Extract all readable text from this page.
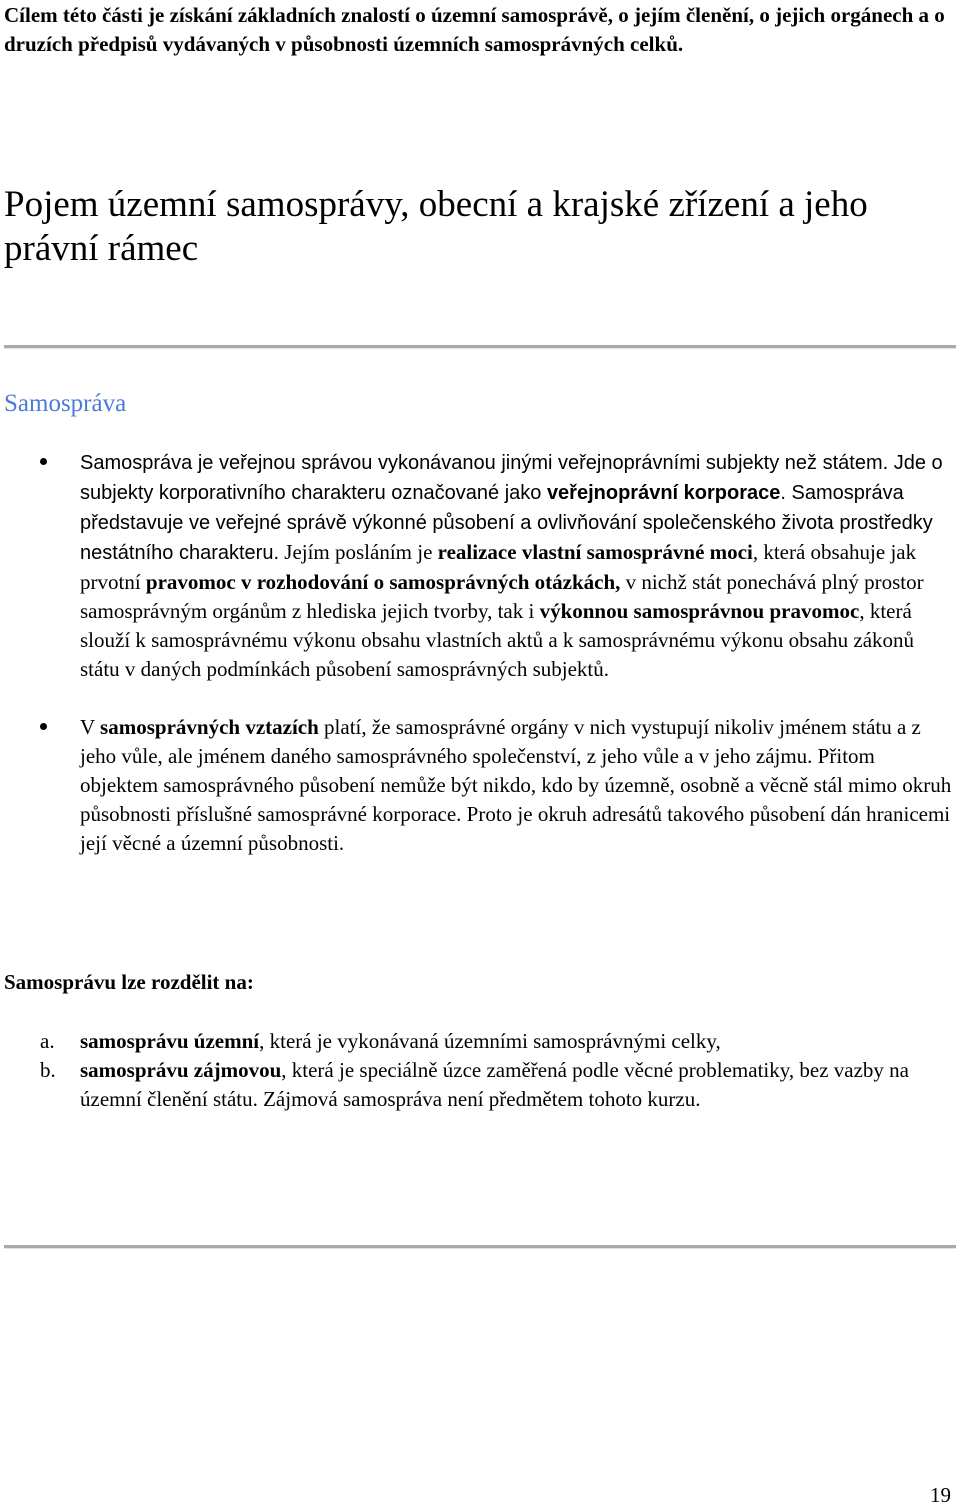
Cílem této části je získání základních znalostí o územní samosprávě, o jejím členění, o jejich orgánech a o druzích předpisů vydávaných v působnosti územních samosprávných celků.
Pojem územní samosprávy, obecní a krajské zřízení a jeho právní rámec
Samospráva
Samospráva je veřejnou správou vykonávanou jinými veřejnoprávními subjekty než státem. Jde o subjekty korporativního charakteru označované jako veřejnoprávní korporace. Samospráva představuje ve veřejné správě výkonné působení a ovlivňování společenského života prostředky nestátního charakteru. Jejím posláním je realizace vlastní samosprávné moci, která obsahuje jak prvotní pravomoc v rozhodování o samosprávných otázkách, v nichž stát ponechává plný prostor samosprávným orgánům z hlediska jejich tvorby, tak i výkonnou samosprávnou pravomoc, která slouží k samosprávnému výkonu obsahu vlastních aktů a k samosprávnému výkonu obsahu zákonů státu v daných podmínkách působení samosprávných subjektů.
V samosprávných vztazích platí, že samosprávné orgány v nich vystupují nikoliv jménem státu a z jeho vůle, ale jménem daného samosprávného společenství, z jeho vůle a v jeho zájmu. Přitom objektem samosprávného působení nemůže být nikdo, kdo by územně, osobně a věcně stál mimo okruh působnosti příslušné samosprávné korporace. Proto je okruh adresátů takového působení dán hranicemi její věcné a územní působnosti.
Samosprávu lze rozdělit na:
a. samosprávu územní, která je vykonávaná územními samosprávnými celky,
b. samosprávu zájmovou, která je speciálně úzce zaměřená podle věcné problematiky, bez vazby na územní členění státu. Zájmová samospráva není předmětem tohoto kurzu.
19
